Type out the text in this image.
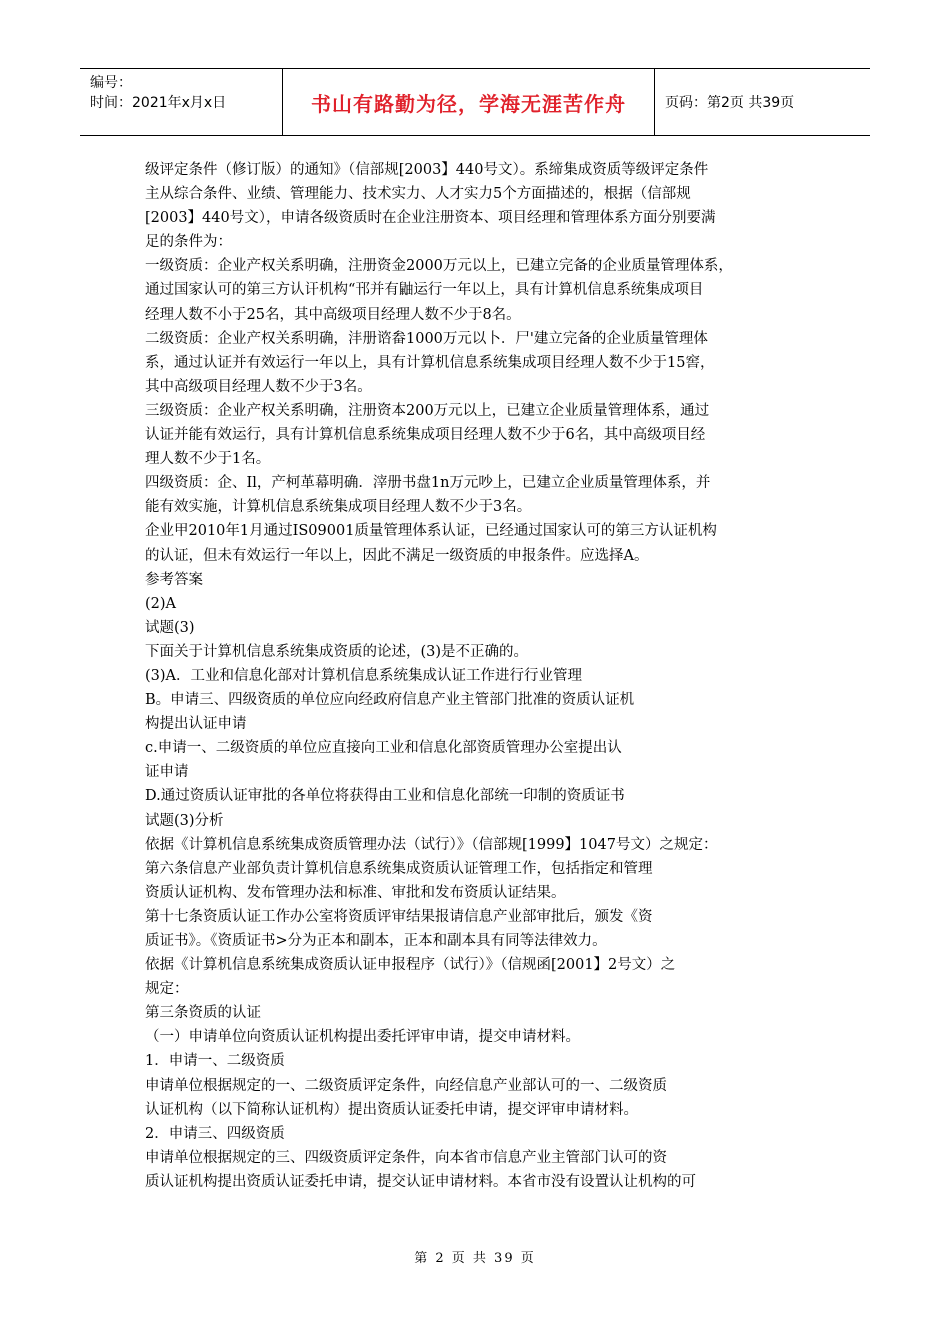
编号：
时间：2021年x月x日	书山有路勤为径，学海无涯苦作舟	页码：第2页 共39页
级评定条件（修订版）的通知》（信部规[2003】440号文）。系缔集成资质等级评定条件
主从综合条件、业绩、管理能力、技术实力、人才实力5个方面描述的，根据（信部规
[2003】440号文），申请各级资质时在企业注册资本、项目经理和管理体系方面分别要满
足的条件为：
一级资质：企业产权关系明确，注册资金2000万元以上，已建立完备的企业质量管理体系，
通过国家认可的第三方认讦机构“邗并有鼬运行一年以上，具有计算机信息系统集成项目
经理人数不小于25名，其中高级项目经理人数不少于8名。
二级资质：企业产权关系明确，沣册谘畚1000万元以卜．尸'建立完备的企业质量管理体
系，通过认证并有效运行一年以上，具有计算机信息系统集成项目经理人数不少于15窖，
其中高级项目经理人数不少于3名。
三级资质：企业产权关系明确，注册资本200万元以上，已建立企业质量管理体系，通过
认证并能有效运行，具有计算机信息系统集成项目经理人数不少于6名，其中高级项目经
理人数不少于1名。
四级资质：企、Il，产柯革幕明确．滓册书盘1n万元吵上，已建立企业质量管理体系，并
能有效实施，计算机信息系统集成项目经理人数不少于3名。
企业甲2010年1月通过IS09001质量管理体系认证，已经通过国家认可的第三方认证机构
的认证，但未有效运行一年以上，因此不满足一级资质的申报条件。应选择A。
参考答案
(2)A
试题(3)
下面关于计算机信息系统集成资质的论述，(3)是不正确的。
(3)A．工业和信息化部对计算机信息系统集成认证工作进行行业管理
B。申请三、四级资质的单位应向经政府信息产业主管部门批准的资质认证机
构提出认证申请
c.申请一、二级资质的单位应直接向工业和信息化部资质管理办公室提出认
证申请
D.通过资质认证审批的各单位将获得由工业和信息化部统一印制的资质证书
试题(3)分析
依据《计算机信息系统集成资质管理办法（试行）》（信部规[1999】1047号文）之规定：
第六条信息产业部负责计算机信息系统集成资质认证管理工作，包括指定和管理
资质认证机构、发布管理办法和标准、审批和发布资质认证结果。
第十七条资质认证工作办公室将资质评审结果报请信息产业部审批后，颁发《资
质证书》。《资质证书>分为正本和副本，正本和副本具有同等法律效力。
依据《计算机信息系统集成资质认证申报程序（试行）》（信规函[2001】2号文）之
规定：
第三条资质的认证
（一）申请单位向资质认证机构提出委托评审申请，提交申请材料。
1．申请一、二级资质
申请单位根据规定的一、二级资质评定条件，向经信息产业部认可的一、二级资质
认证机构（以下简称认证机构）提出资质认证委托申请，提交评审申请材料。
2．申请三、四级资质
申请单位根据规定的三、四级资质评定条件，向本省市信息产业主管部门认可的资
质认证机构提出资质认证委托申请，提交认证申请材料。本省市没有设置认让机构的可
第 2 页 共 39 页
